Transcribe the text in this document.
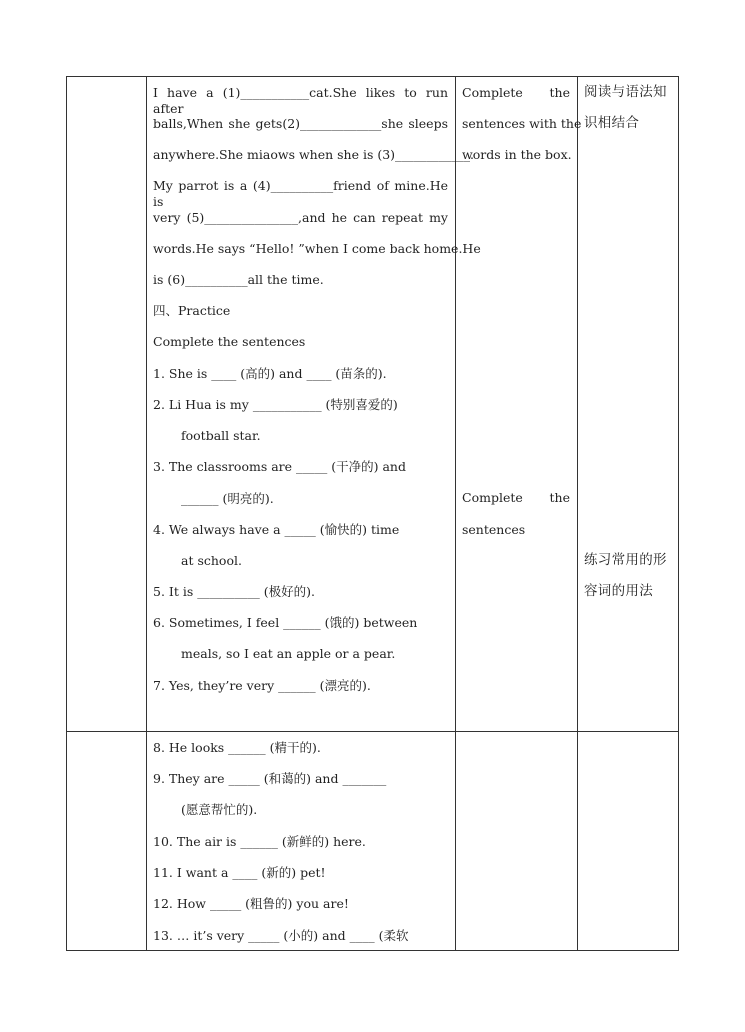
I have a (1)___________cat.She likes to run after
balls,When she gets(2)_____________she sleeps
anywhere.She miaows when she is (3)____________.
My parrot is a (4)__________friend of mine.He is
very (5)_______________,and he can repeat my
words.He says “Hello! ”when I come back home.He
is (6)__________all the time.
四、Practice
Complete the sentences
1. She is ____ (高的) and ____ (苗条的).
2. Li Hua is my ___________ (特别喜爱的)
football star.
3. The classrooms are _____ (干净的) and
______ (明亮的).
4. We always have a _____ (愉快的) time
at school.
5. It is __________ (极好的).
6. Sometimes, I feel ______ (饿的) between
meals, so I eat an apple or a pear.
7. Yes, they’re very ______ (漂亮的).
Complete the
sentences with the
words in the box.
Complete the
sentences
阅读与语法知
识相结合
练习常用的形
容词的用法
8. He looks ______ (精干的).
9. They are _____ (和蔼的) and _______
(愿意帮忙的).
10. The air is ______ (新鲜的) here.
11. I want a ____ (新的) pet!
12. How _____ (粗鲁的) you are!
13. … it’s very _____ (小的) and ____ (柔软
